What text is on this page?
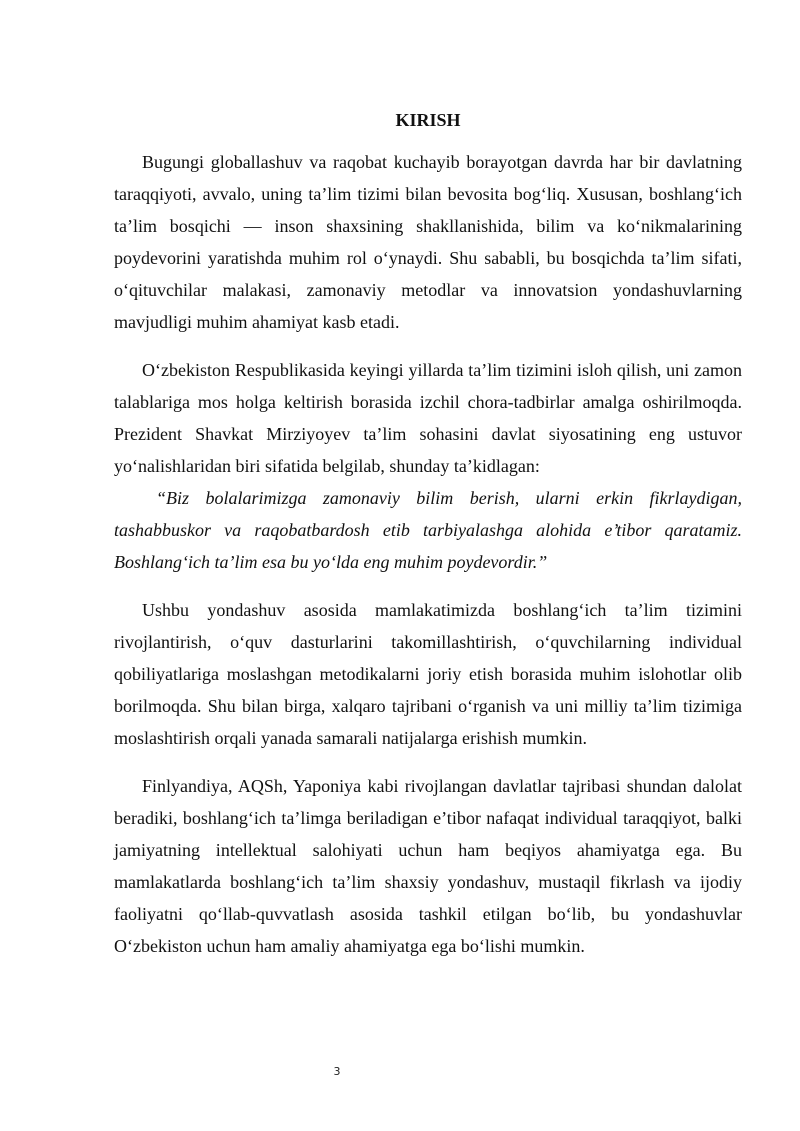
KIRISH

Bugungi globallashuv va raqobat kuchayib borayotgan davrda har bir davlatning taraqqiyoti, avvalo, uning ta’lim tizimi bilan bevosita bog‘liq. Xususan, boshlang‘ich ta’lim bosqichi — inson shaxsining shakllanishida, bilim va ko‘nikmalarining poydevorini yaratishda muhim rol o‘ynaydi. Shu sababli, bu bosqichda ta’lim sifati, o‘qituvchilar malakasi, zamonaviy metodlar va innovatsion yondashuvlarning mavjudligi muhim ahamiyat kasb etadi.

O‘zbekiston Respublikasida keyingi yillarda ta’lim tizimini isloh qilish, uni zamon talablariga mos holga keltirish borasida izchil chora-tadbirlar amalga oshirilmoqda. Prezident Shavkat Mirziyoyev ta’lim sohasini davlat siyosatining eng ustuvor yo‘nalishlaridan biri sifatida belgilab, shunday ta’kidlagan:

“Biz bolalarimizga zamonaviy bilim berish, ularni erkin fikrlaydigan, tashabbuskor va raqobatbardosh etib tarbiyalashga alohida e’tibor qaratamiz. Boshlang‘ich ta’lim esa bu yo‘lda eng muhim poydevordir.”

Ushbu yondashuv asosida mamlakatimizda boshlang‘ich ta’lim tizimini rivojlantirish, o‘quv dasturlarini takomillashtirish, o‘quvchilarning individual qobiliyatlariga moslashgan metodikalarni joriy etish borasida muhim islohotlar olib borilmoqda. Shu bilan birga, xalqaro tajribani o‘rganish va uni milliy ta’lim tizimiga moslashtirish orqali yanada samarali natijalarga erishish mumkin.

Finlyandiya, AQSh, Yaponiya kabi rivojlangan davlatlar tajribasi shundan dalolat beradiki, boshlang‘ich ta’limga beriladigan e’tibor nafaqat individual taraqqiyot, balki jamiyatning intellektual salohiyati uchun ham beqiyos ahamiyatga ega. Bu mamlakatlarda boshlang‘ich ta’lim shaxsiy yondashuv, mustaqil fikrlash va ijodiy faoliyatni qo‘llab-quvvatlash asosida tashkil etilgan bo‘lib, bu yondashuvlar O‘zbekiston uchun ham amaliy ahamiyatga ega bo‘lishi mumkin.

3
